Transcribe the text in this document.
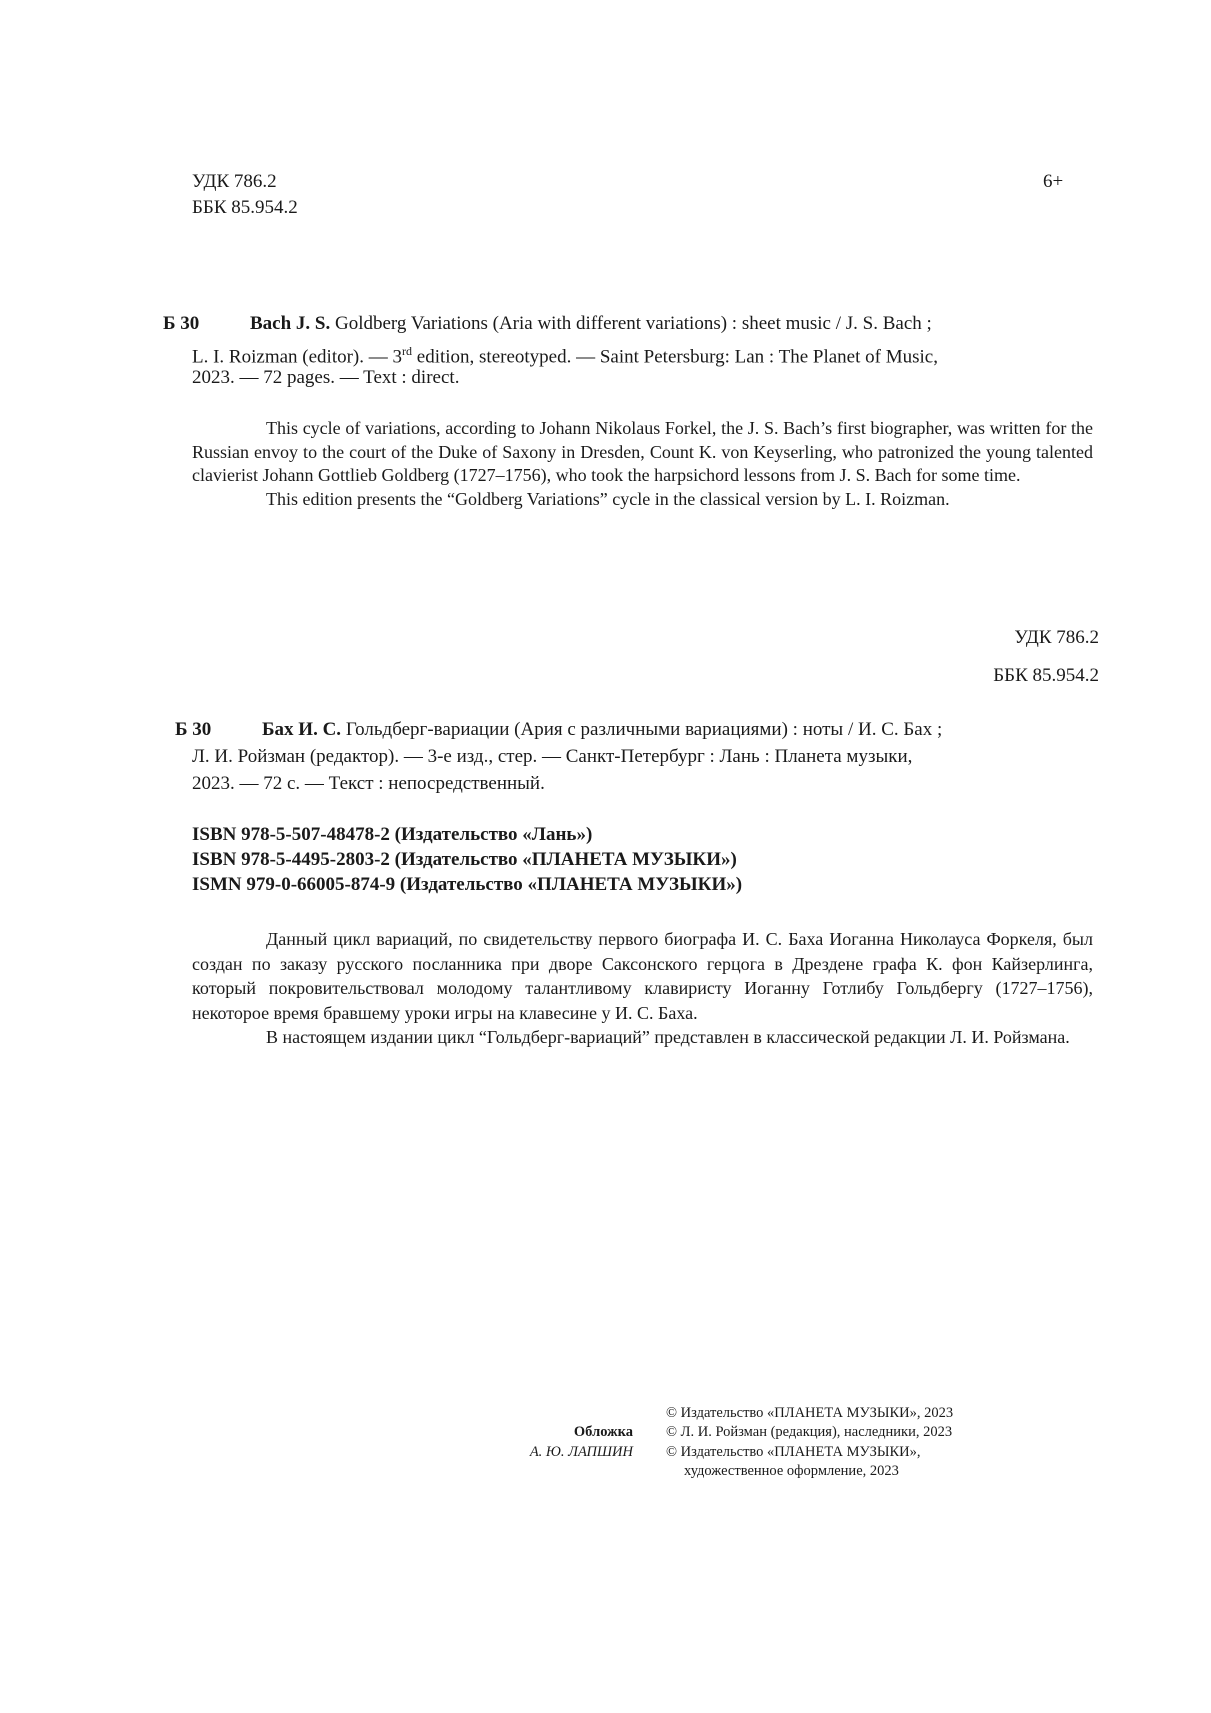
УДК 786.2
ББК 85.954.2
6+
Б 30	Bach J. S. Goldberg Variations (Aria with different variations) : sheet music / J. S. Bach ;
L. I. Roizman (editor). — 3rd edition, stereotyped. — Saint Petersburg: Lan : The Planet of Music,
2023. — 72 pages. — Text : direct.

This cycle of variations, according to Johann Nikolaus Forkel, the J. S. Bach’s first biographer, was written for the Russian envoy to the court of the Duke of Saxony in Dresden, Count K. von Keyserling, who patronized the young talented clavierist Johann Gottlieb Goldberg (1727–1756), who took the harpsichord lessons from J. S. Bach for some time.

This edition presents the “Goldberg Variations” cycle in the classical version by L. I. Roizman.

УДК 786.2
ББК 85.954.2
Б 30	Бах И. С. Гольдберг-вариации (Ария с различными вариациями) : ноты / И. С. Бах ;
Л. И. Ройзман (редактор). — 3-е изд., стер. — Санкт-Петербург : Лань : Планета музыки,
2023. — 72 с. — Текст : непосредственный.
ISBN 978-5-507-48478-2 (Издательство «Лань»)
ISBN 978-5-4495-2803-2 (Издательство «ПЛАНЕТА МУЗЫКИ»)
ISMN 979-0-66005-874-9 (Издательство «ПЛАНЕТА МУЗЫКИ»)

Данный цикл вариаций, по свидетельству первого биографа И. С. Баха Иоганна Николауса Форкеля, был создан по заказу русского посланника при дворе Саксонского герцога в Дрездене графа К. фон Кайзерлинга, который покровительствовал молодому талантливому клавиристу Иоганну Готлибу Гольдбергу (1727–1756), некоторое время бравшему уроки игры на клавесине у И. С. Баха.

В настоящем издании цикл “Гольдберг-вариаций” представлен в классической редакции Л. И. Ройзмана.

Обложка
А. Ю. ЛАПШИН
© Издательство «ПЛАНЕТА МУЗЫКИ», 2023
© Л. И. Ройзман (редакция), наследники, 2023
© Издательство «ПЛАНЕТА МУЗЫКИ»,
художественное оформление, 2023
